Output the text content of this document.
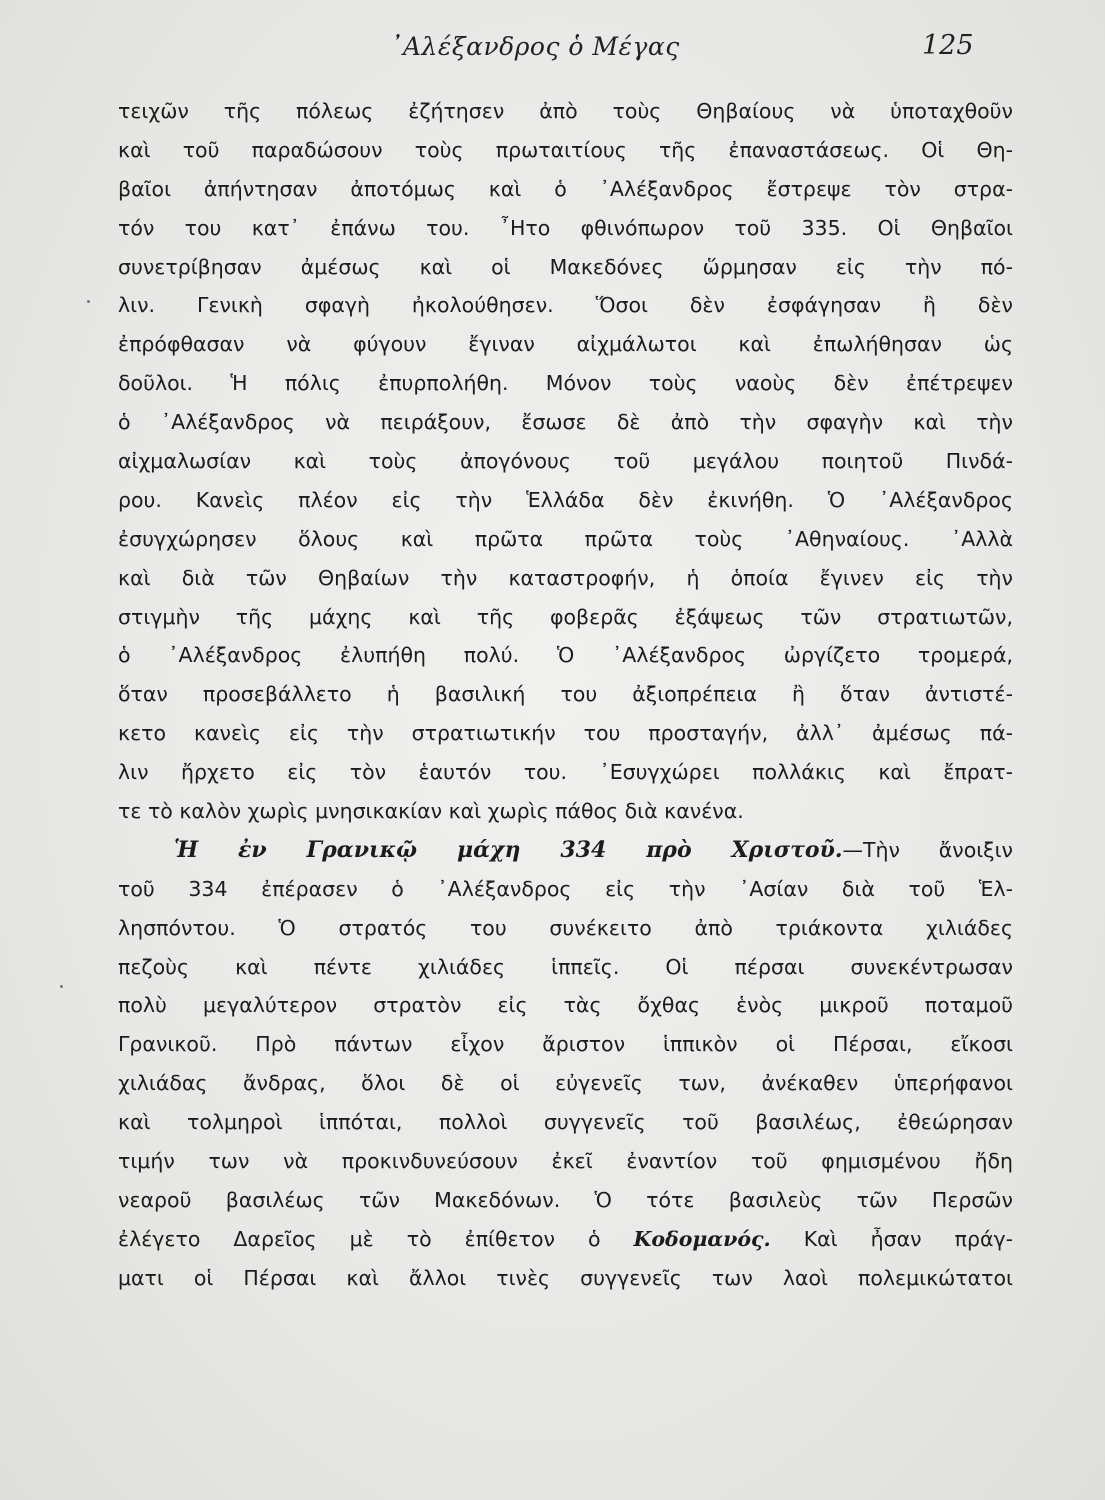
᾿Αλέξανδρος ὁ Μέγας	125
τειχῶν τῆς πόλεως ἐζήτησεν ἀπὸ τοὺς Θηβαίους νὰ ὑποταχθοῦν
καὶ τοῦ παραδώσουν τοὺς πρωταιτίους τῆς ἐπαναστάσεως. Οἱ Θη-
βαῖοι ἀπήντησαν ἀποτόμως καὶ ὁ ᾿Αλέξανδρος ἔστρεψε τὸν στρα-
τόν του κατ᾿ ἐπάνω του. ῏Ητο φθινόπωρον τοῦ 335. Οἱ Θηβαῖοι
συνετρίβησαν ἀμέσως καὶ οἱ Μακεδόνες ὥρμησαν εἰς τὴν πό-
λιν. Γενικὴ σφαγὴ ἠκολούθησεν. Ὅσοι δὲν ἐσφάγησαν ἢ δὲν
ἐπρόφθασαν νὰ φύγουν ἔγιναν αἰχμάλωτοι καὶ ἐπωλήθησαν ὡς
δοῦλοι. Ἡ πόλις ἐπυρπολήθη. Μόνον τοὺς ναοὺς δὲν ἐπέτρεψεν
ὁ ᾿Αλέξανδρος νὰ πειράξουν, ἔσωσε δὲ ἀπὸ τὴν σφαγὴν καὶ τὴν
αἰχμαλωσίαν καὶ τοὺς ἀπογόνους τοῦ μεγάλου ποιητοῦ Πινδά-
ρου. Κανεὶς πλέον εἰς τὴν Ἑλλάδα δὲν ἐκινήθη. Ὁ ᾿Αλέξανδρος
ἐσυγχώρησεν ὅλους καὶ πρῶτα πρῶτα τοὺς ᾿Αθηναίους. ᾿Αλλὰ
καὶ διὰ τῶν Θηβαίων τὴν καταστροφήν, ἡ ὁποία ἔγινεν εἰς τὴν
στιγμὴν τῆς μάχης καὶ τῆς φοβερᾶς ἐξάψεως τῶν στρατιωτῶν,
ὁ ᾿Αλέξανδρος ἐλυπήθη πολύ. Ὁ ᾿Αλέξανδρος ὠργίζετο τρομερά,
ὅταν προσεβάλλετο ἡ βασιλική του ἀξιοπρέπεια ἢ ὅταν ἀντιστέ-
κετο κανεὶς εἰς τὴν στρατιωτικήν του προσταγήν, ἀλλ᾿ ἀμέσως πά-
λιν ἤρχετο εἰς τὸν ἑαυτόν του. ᾿Εσυγχώρει πολλάκις καὶ ἔπρατ-
τε τὸ καλὸν χωρὶς μνησικακίαν καὶ χωρὶς πάθος διὰ κανένα.
Ἡ ἐν Γρανικῷ μάχη 334 πρὸ Χριστοῦ.—Τὴν ἄνοιξιν
τοῦ 334 ἐπέρασεν ὁ ᾿Αλέξανδρος εἰς τὴν ᾿Ασίαν διὰ τοῦ Ἑλ-
λησπόντου. Ὁ στρατός του συνέκειτο ἀπὸ τριάκοντα χιλιάδες
πεζοὺς καὶ πέντε χιλιάδες ἱππεῖς. Οἱ πέρσαι συνεκέντρωσαν
πολὺ μεγαλύτερον στρατὸν εἰς τὰς ὄχθας ἑνὸς μικροῦ ποταμοῦ
Γρανικοῦ. Πρὸ πάντων εἶχον ἄριστον ἱππικὸν οἱ Πέρσαι, εἴκοσι
χιλιάδας ἄνδρας, ὅλοι δὲ οἱ εὐγενεῖς των, ἀνέκαθεν ὑπερήφανοι
καὶ τολμηροὶ ἱππόται, πολλοὶ συγγενεῖς τοῦ βασιλέως, ἐθεώρησαν
τιμήν των νὰ προκινδυνεύσουν ἐκεῖ ἐναντίον τοῦ φημισμένου ἤδη
νεαροῦ βασιλέως τῶν Μακεδόνων. Ὁ τότε βασιλεὺς τῶν Περσῶν
ἐλέγετο Δαρεῖος μὲ τὸ ἐπίθετον ὁ Κοδομανός. Καὶ ἦσαν πράγ-
ματι οἱ Πέρσαι καὶ ἄλλοι τινὲς συγγενεῖς των λαοὶ πολεμικώτατοι
